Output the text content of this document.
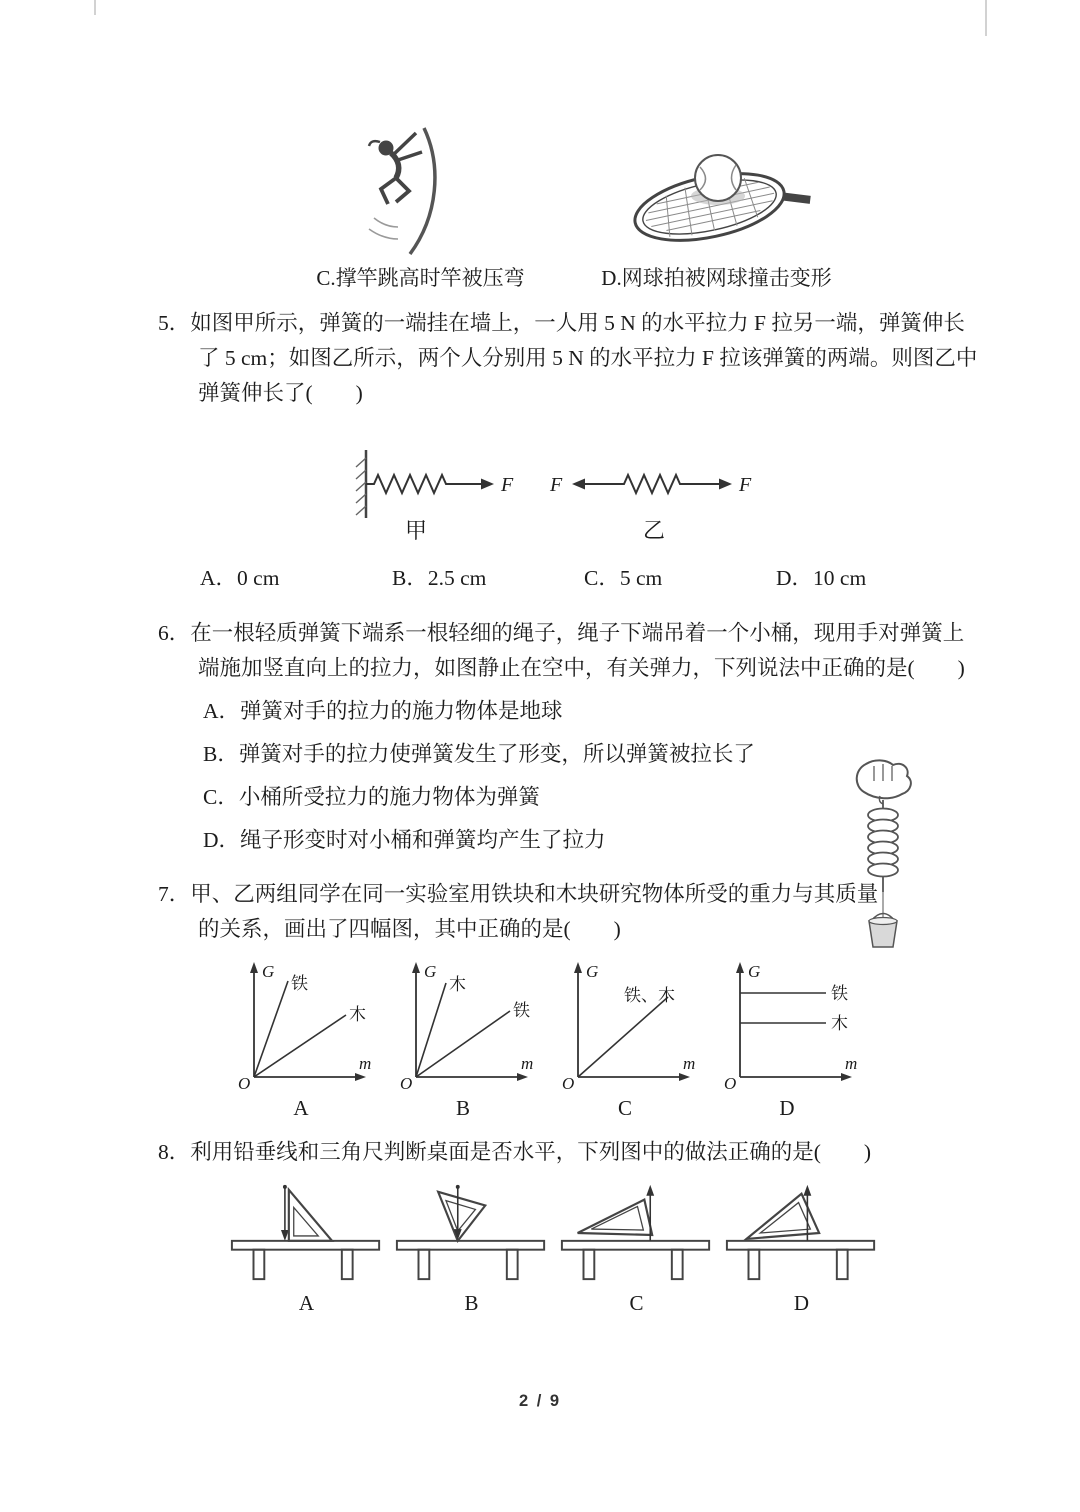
C.撑竿跳高时竿被压弯	D.网球拍被网球撞击变形
5．如图甲所示，弹簧的一端挂在墙上，一人用 5 N 的水平拉力 F 拉另一端，弹簧伸长了 5 cm；如图乙所示，两个人分别用 5 N 的水平拉力 F 拉该弹簧的两端。则图乙中弹簧伸长了(　　)
F
甲
F	F
乙
A．0 cm	B．2.5 cm	C．5 cm	D．10 cm
6．在一根轻质弹簧下端系一根轻细的绳子，绳子下端吊着一个小桶，现用手对弹簧上端施加竖直向上的拉力，如图静止在空中，有关弹力，下列说法中正确的是(　　)
A．弹簧对手的拉力的施力物体是地球
B．弹簧对手的拉力使弹簧发生了形变，所以弹簧被拉长了
C．小桶所受拉力的施力物体为弹簧
D．绳子形变时对小桶和弹簧均产生了拉力
7．甲、乙两组同学在同一实验室用铁块和木块研究物体所受的重力与其质量的关系，画出了四幅图，其中正确的是(　　)
G
m
O
铁
木
A
G
m
O
木
铁
B
G
m
O
铁、木
C
G
m
O
铁
木
D
8．利用铅垂线和三角尺判断桌面是否水平，下列图中的做法正确的是(　　)
A	B	C	D
2 / 9
